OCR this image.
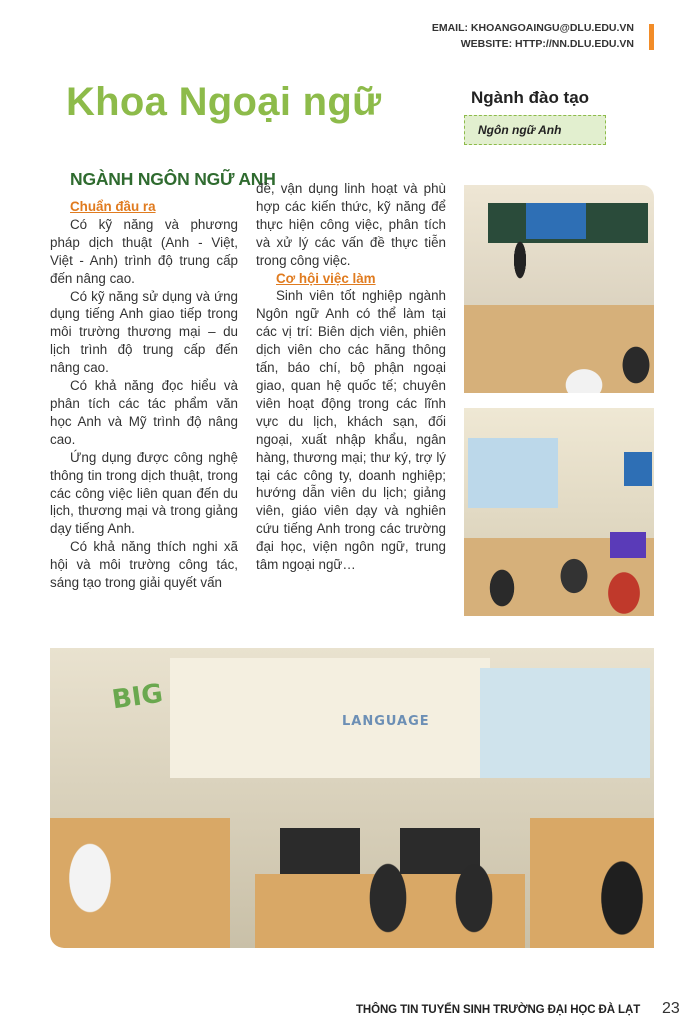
EMAIL: KHOANGOAINGU@DLU.EDU.VN
WEBSITE: HTTP://NN.DLU.EDU.VN
Khoa Ngoại ngữ	Ngành đào tạo
Ngôn ngữ Anh
NGÀNH NGÔN NGỮ ANH

Chuẩn đầu ra

Có kỹ năng và phương pháp dịch thuật (Anh - Việt, Việt - Anh) trình độ trung cấp đến nâng cao.

Có kỹ năng sử dụng và ứng dụng tiếng Anh giao tiếp trong môi trường thương mại – du lịch trình độ trung cấp đến nâng cao.

Có khả năng đọc hiểu và phân tích các tác phẩm văn học Anh và Mỹ trình độ nâng cao.

Ứng dụng được công nghệ thông tin trong dịch thuật, trong các công việc liên quan đến du lịch, thương mại và trong giảng dạy tiếng Anh.

Có khả năng thích nghi xã hội và môi trường công tác, sáng tạo trong giải quyết vấn

đề, vận dụng linh hoạt và phù hợp các kiến thức, kỹ năng để thực hiện công việc, phân tích và xử lý các vấn đề thực tiễn trong công việc.

Cơ hội việc làm

Sinh viên tốt nghiệp ngành Ngôn ngữ Anh có thể làm tại các vị trí: Biên dịch viên, phiên dịch viên cho các hãng thông tấn, báo chí, bộ phận ngoại giao, quan hệ quốc tế; chuyên viên hoạt động trong các lĩnh vực du lịch, khách sạn, đối ngoại, xuất nhập khẩu, ngân hàng, thương mại; thư ký, trợ lý tại các công ty, doanh nghiệp; hướng dẫn viên du lịch; giảng viên, giáo viên dạy và nghiên cứu tiếng Anh trong các trường đại học, viện ngôn ngữ, trung tâm ngoại ngữ…

BIG
LANGUAGE
THÔNG TIN TUYỂN SINH TRƯỜNG ĐẠI HỌC ĐÀ LẠT 23
